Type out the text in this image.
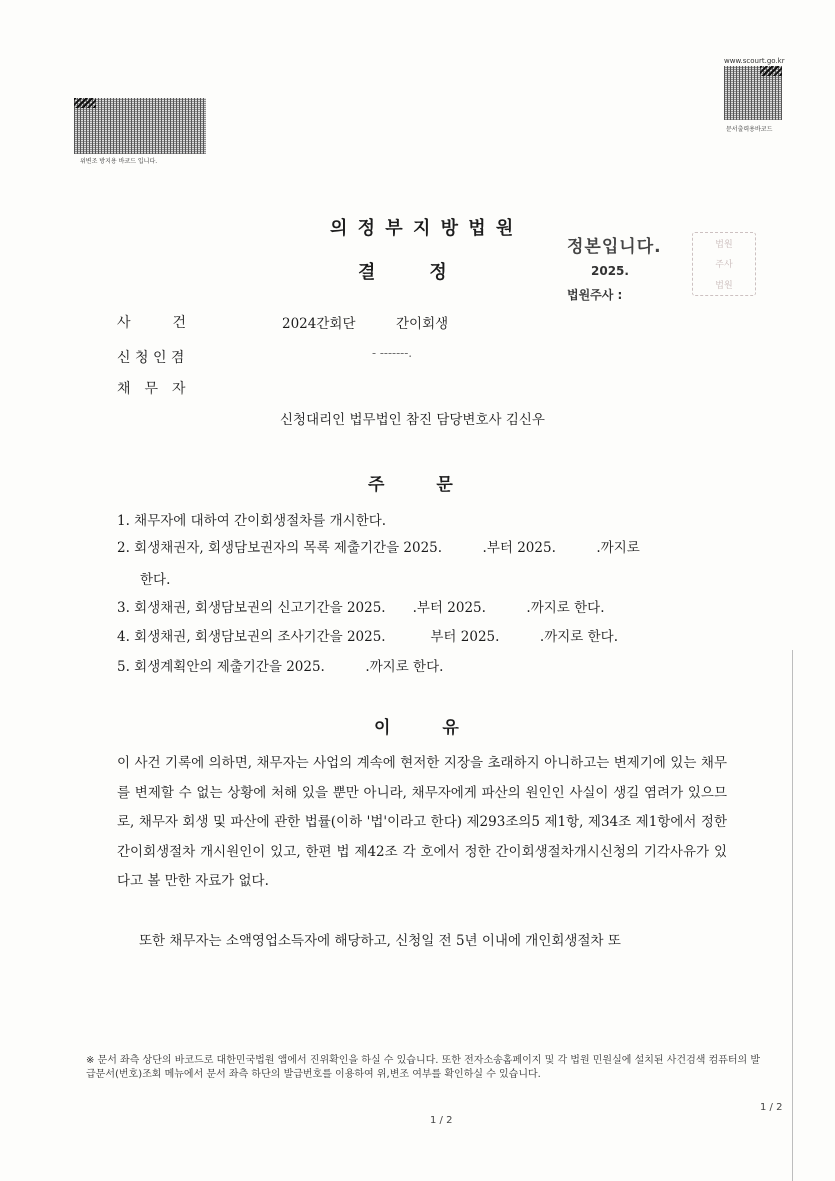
위변조 방지용 바코드 입니다.
www.scourt.go.kr
문서출력용바코드
의 정 부 지 방 법 원
결　　정
정본입니다.
2025.
법원주사 :
법원
주사
법원
사　　　건	2024간회단	간이회생
신 청 인 겸	- -------.
채　무　자
신청대리인 법무법인 참진 담당변호사 김신우
주　　문
1. 채무자에 대하여 간이회생절차를 개시한다.
2. 회생채권자, 회생담보권자의 목록 제출기간을 2025.　　　.부터 2025.　　　.까지로
한다.
3. 회생채권, 회생담보권의 신고기간을 2025.　　.부터 2025.　　　.까지로 한다.
4. 회생채권, 회생담보권의 조사기간을 2025.　　　 부터 2025.　　　.까지로 한다.
5. 회생계획안의 제출기간을 2025.　　　.까지로 한다.
이　　유
이 사건 기록에 의하면, 채무자는 사업의 계속에 현저한 지장을 초래하지 아니하고는 변제기에 있는 채무를 변제할 수 없는 상황에 처해 있을 뿐만 아니라, 채무자에게 파산의 원인인 사실이 생길 염려가 있으므로, 채무자 회생 및 파산에 관한 법률(이하 '법'이라고 한다) 제293조의5 제1항, 제34조 제1항에서 정한 간이회생절차 개시원인이 있고, 한편 법 제42조 각 호에서 정한 간이회생절차개시신청의 기각사유가 있다고 볼 만한 자료가 없다.
또한 채무자는 소액영업소득자에 해당하고, 신청일 전 5년 이내에 개인회생절차 또
※ 문서 좌측 상단의 바코드로 대한민국법원 앱에서 진위확인을 하실 수 있습니다. 또한 전자소송홈페이지 및 각 법원 민원실에 설치된 사건검색 컴퓨터의 발급문서(번호)조회 메뉴에서 문서 좌측 하단의 발급번호를 이용하여 위,변조 여부를 확인하실 수 있습니다.
1 / 2
1 / 2
